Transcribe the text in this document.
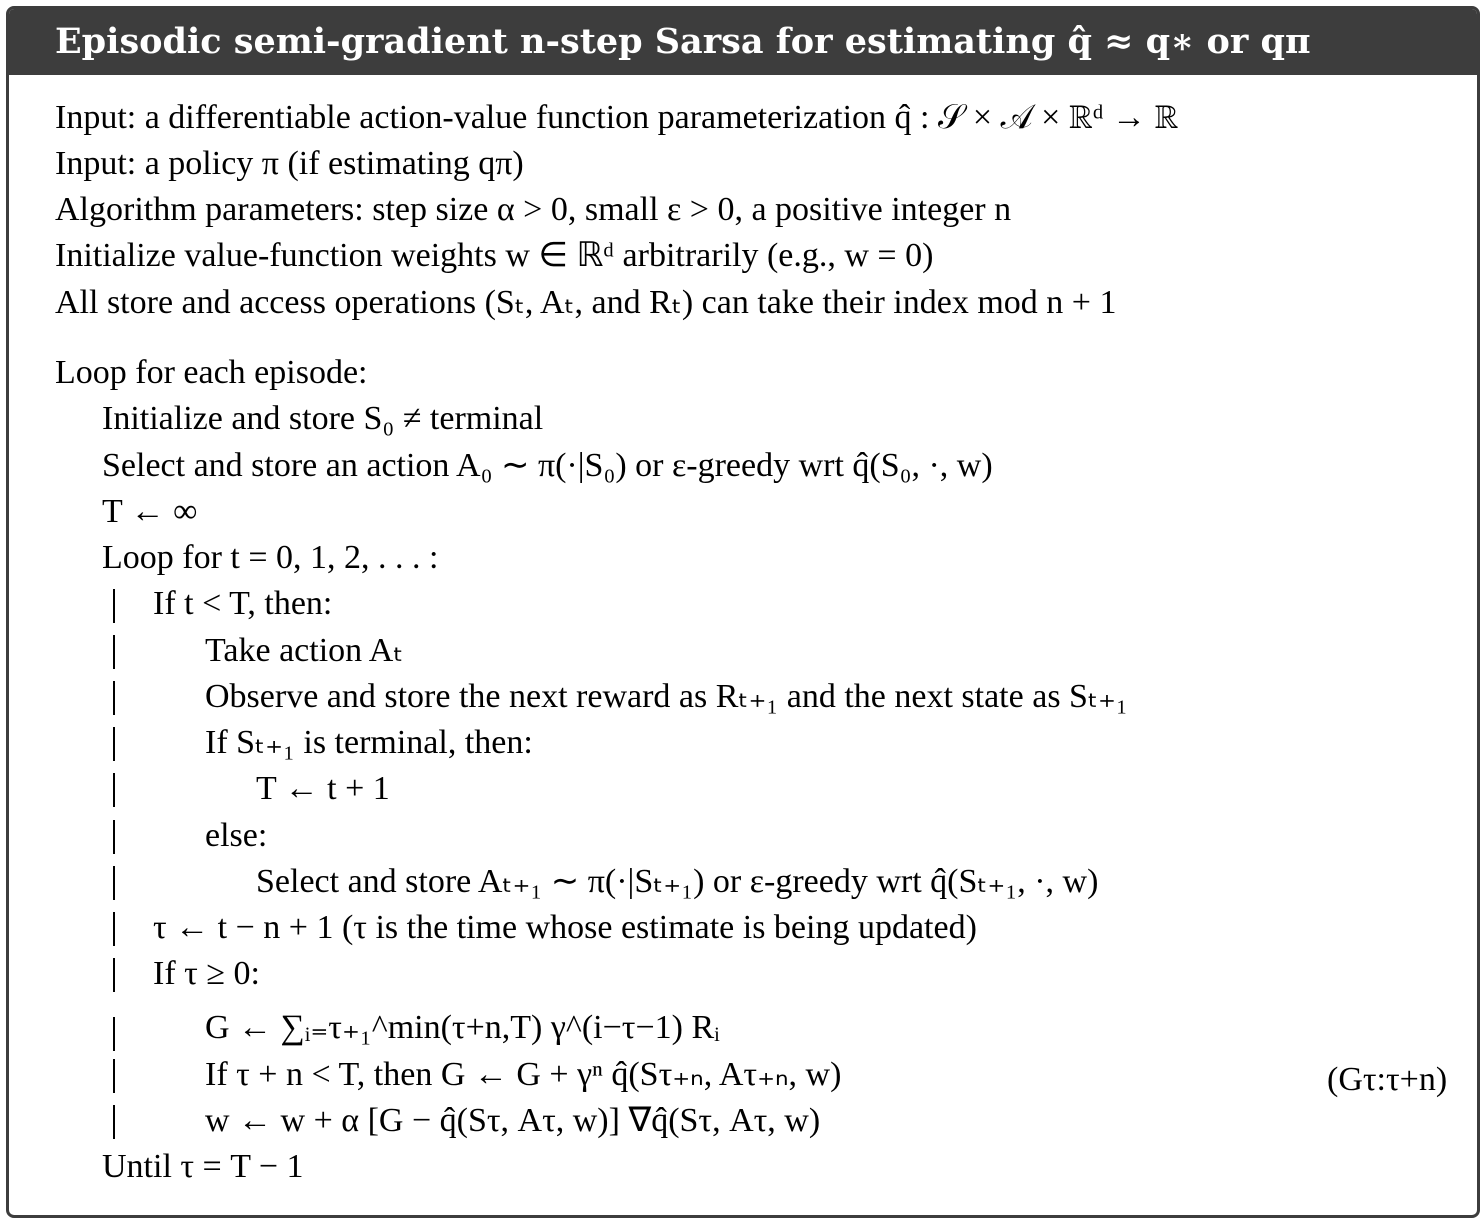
Episodic semi-gradient n-step Sarsa for estimating q̂ ≈ q∗ or qπ
Input: a differentiable action-value function parameterization q̂ : 𝒮 × 𝒜 × ℝᵈ → ℝ
Input: a policy π (if estimating qπ)
Algorithm parameters: step size α > 0, small ε > 0, a positive integer n
Initialize value-function weights w ∈ ℝᵈ arbitrarily (e.g., w = 0)
All store and access operations (Sₜ, Aₜ, and Rₜ) can take their index mod n + 1
Loop for each episode:
Initialize and store S₀ ≠ terminal
Select and store an action A₀ ∼ π(·|S₀) or ε-greedy wrt q̂(S₀, ·, w)
T ← ∞
Loop for t = 0, 1, 2, . . . :
If t < T, then:
Take action Aₜ
Observe and store the next reward as Rₜ₊₁ and the next state as Sₜ₊₁
If Sₜ₊₁ is terminal, then:
T ← t + 1
else:
Select and store Aₜ₊₁ ∼ π(·|Sₜ₊₁) or ε-greedy wrt q̂(Sₜ₊₁, ·, w)
τ ← t − n + 1 (τ is the time whose estimate is being updated)
If τ ≥ 0:
G ← ∑ᵢ₌τ₊₁^min(τ+n,T) γ^(i−τ−1) Rᵢ
If τ + n < T, then G ← G + γⁿ q̂(Sτ₊ₙ, Aτ₊ₙ, w)
w ← w + α [G − q̂(Sτ, Aτ, w)] ∇q̂(Sτ, Aτ, w)
Until τ = T − 1
(Gτ:τ+n)
